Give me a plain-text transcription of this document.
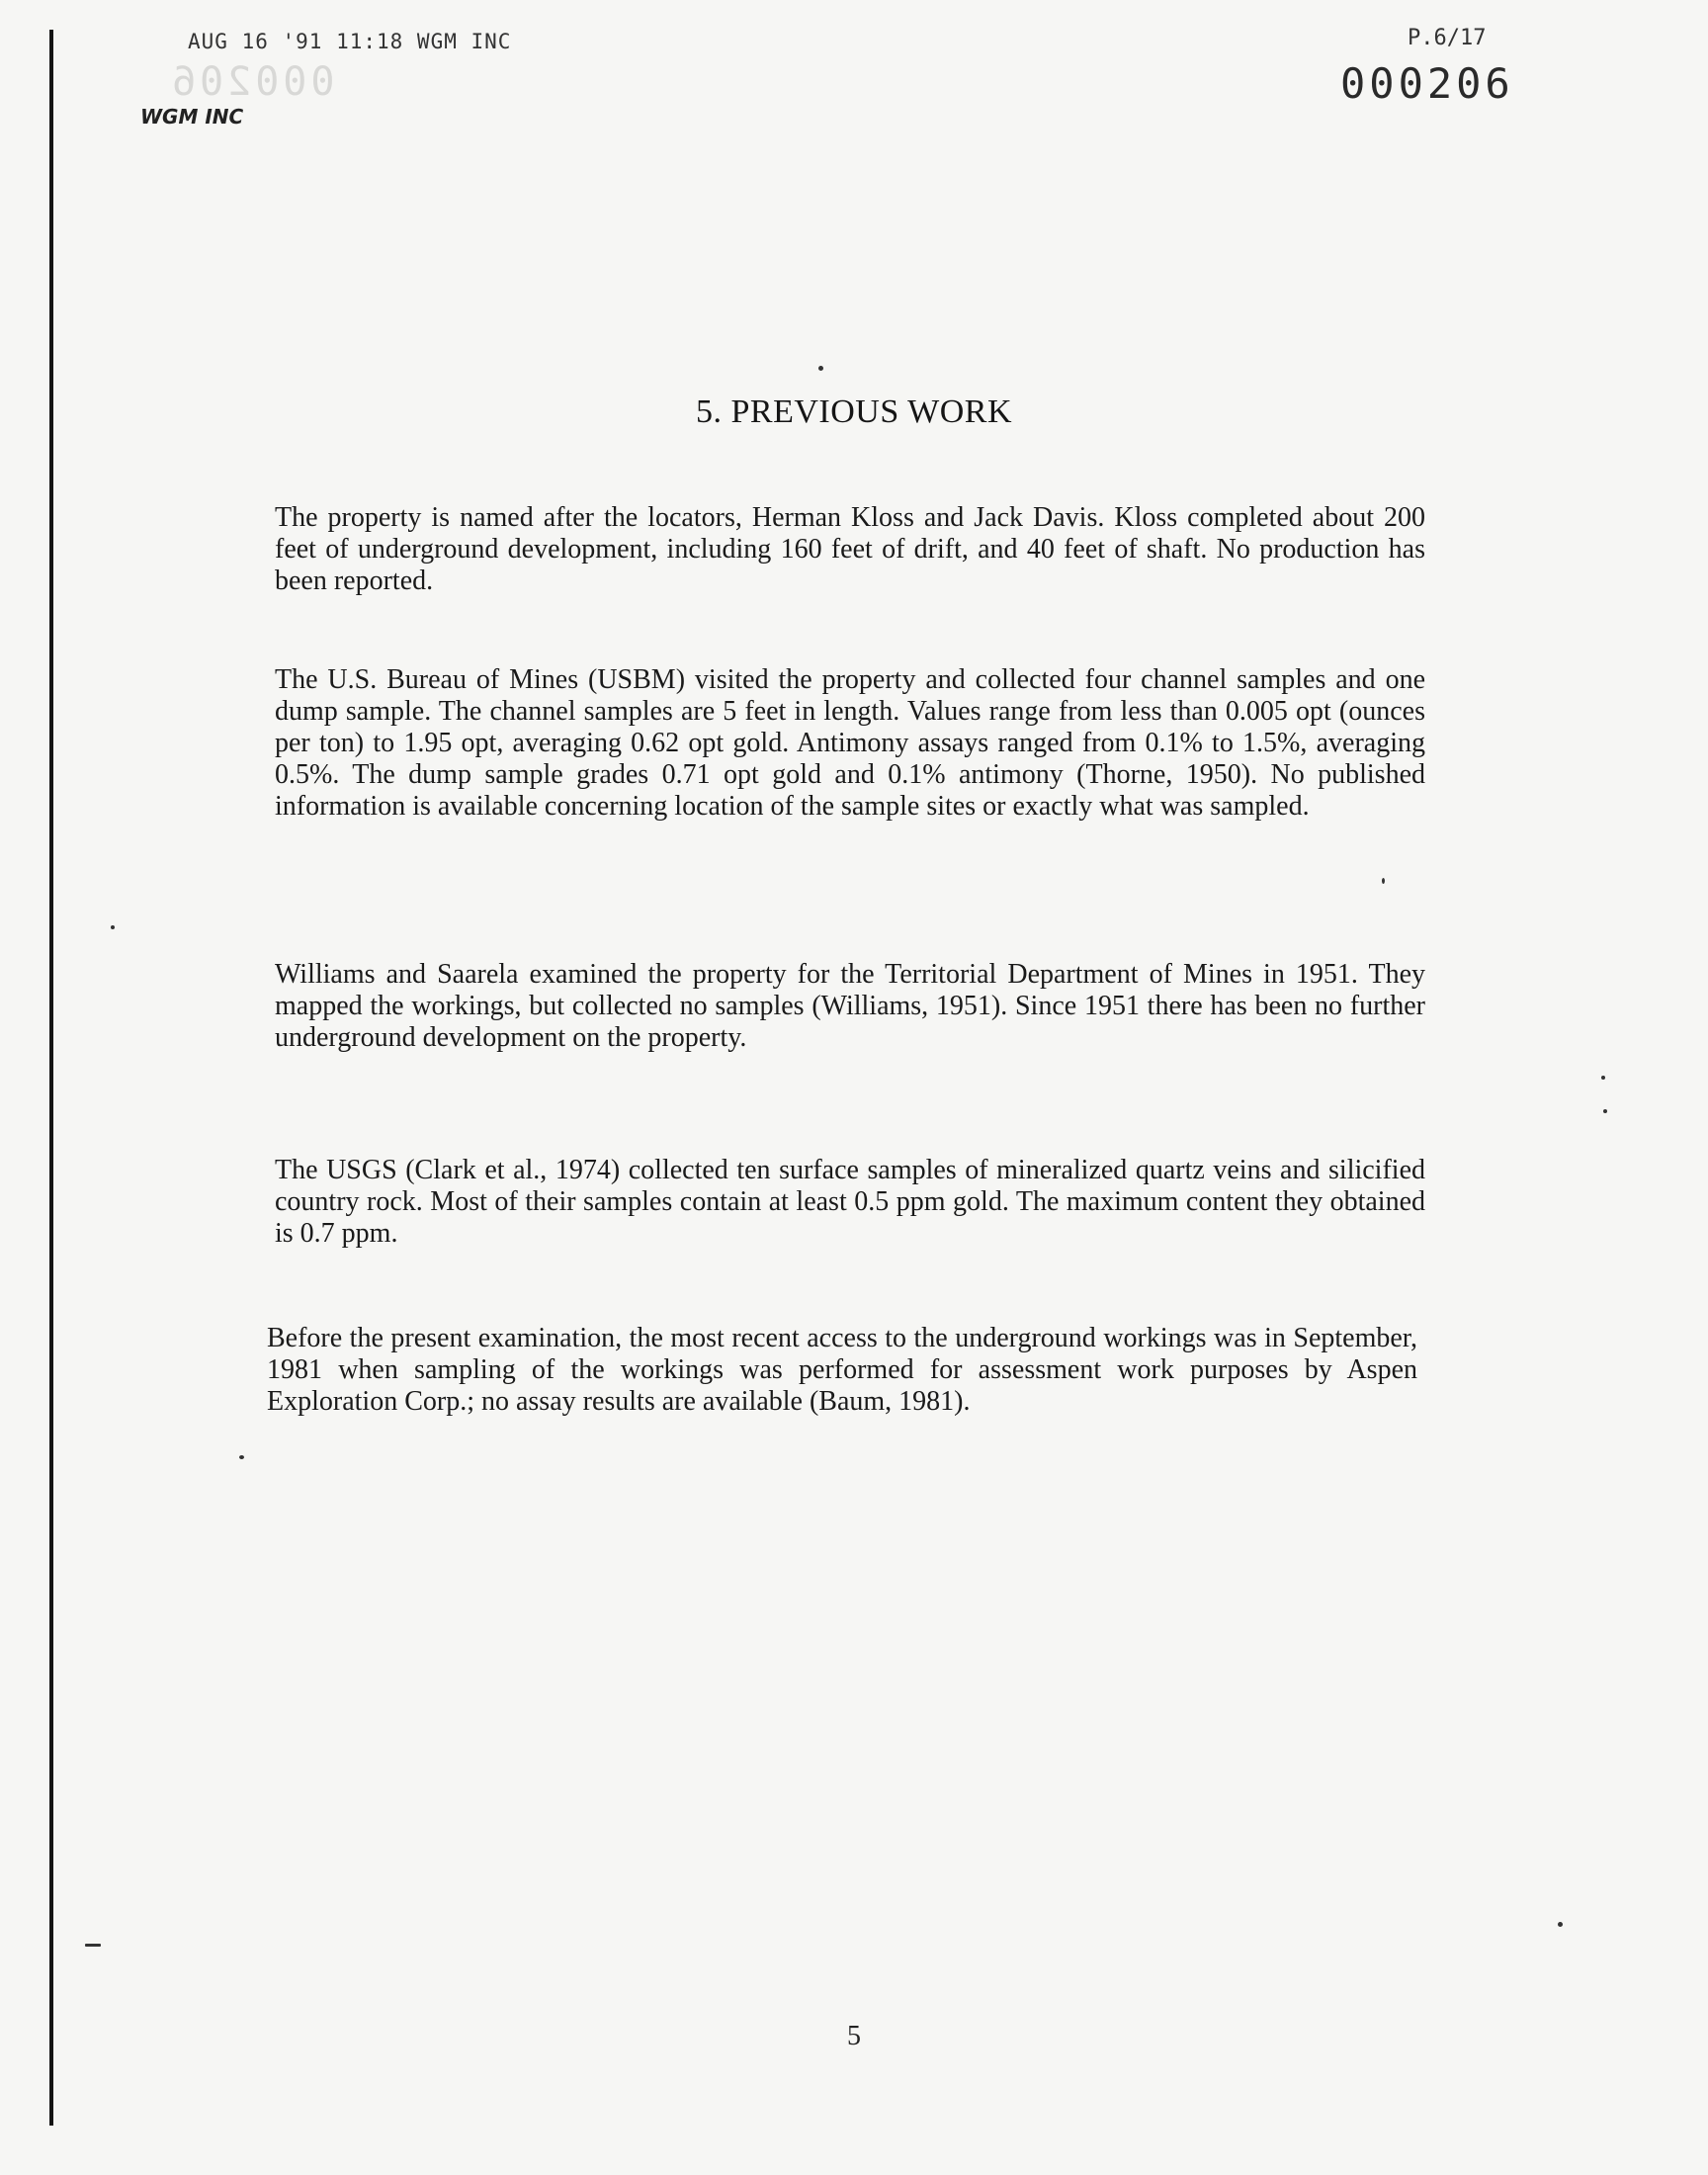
AUG 16 '91 11:18 WGM INC	P.6/17
000206
000206
WGM INC
5. PREVIOUS WORK

The property is named after the locators, Herman Kloss and Jack Davis. Kloss completed about 200 feet of underground development, including 160 feet of drift, and 40 feet of shaft. No production has been reported.

The U.S. Bureau of Mines (USBM) visited the property and collected four channel samples and one dump sample. The channel samples are 5 feet in length. Values range from less than 0.005 opt (ounces per ton) to 1.95 opt, averaging 0.62 opt gold. Antimony assays ranged from 0.1% to 1.5%, averaging 0.5%. The dump sample grades 0.71 opt gold and 0.1% antimony (Thorne, 1950). No published information is available concerning location of the sample sites or exactly what was sampled.

Williams and Saarela examined the property for the Territorial Department of Mines in 1951. They mapped the workings, but collected no samples (Williams, 1951). Since 1951 there has been no further underground development on the property.

The USGS (Clark et al., 1974) collected ten surface samples of mineralized quartz veins and silicified country rock. Most of their samples contain at least 0.5 ppm gold. The maximum content they obtained is 0.7 ppm.

Before the present examination, the most recent access to the underground workings was in September, 1981 when sampling of the workings was performed for assessment work purposes by Aspen Exploration Corp.; no assay results are available (Baum, 1981).

5
